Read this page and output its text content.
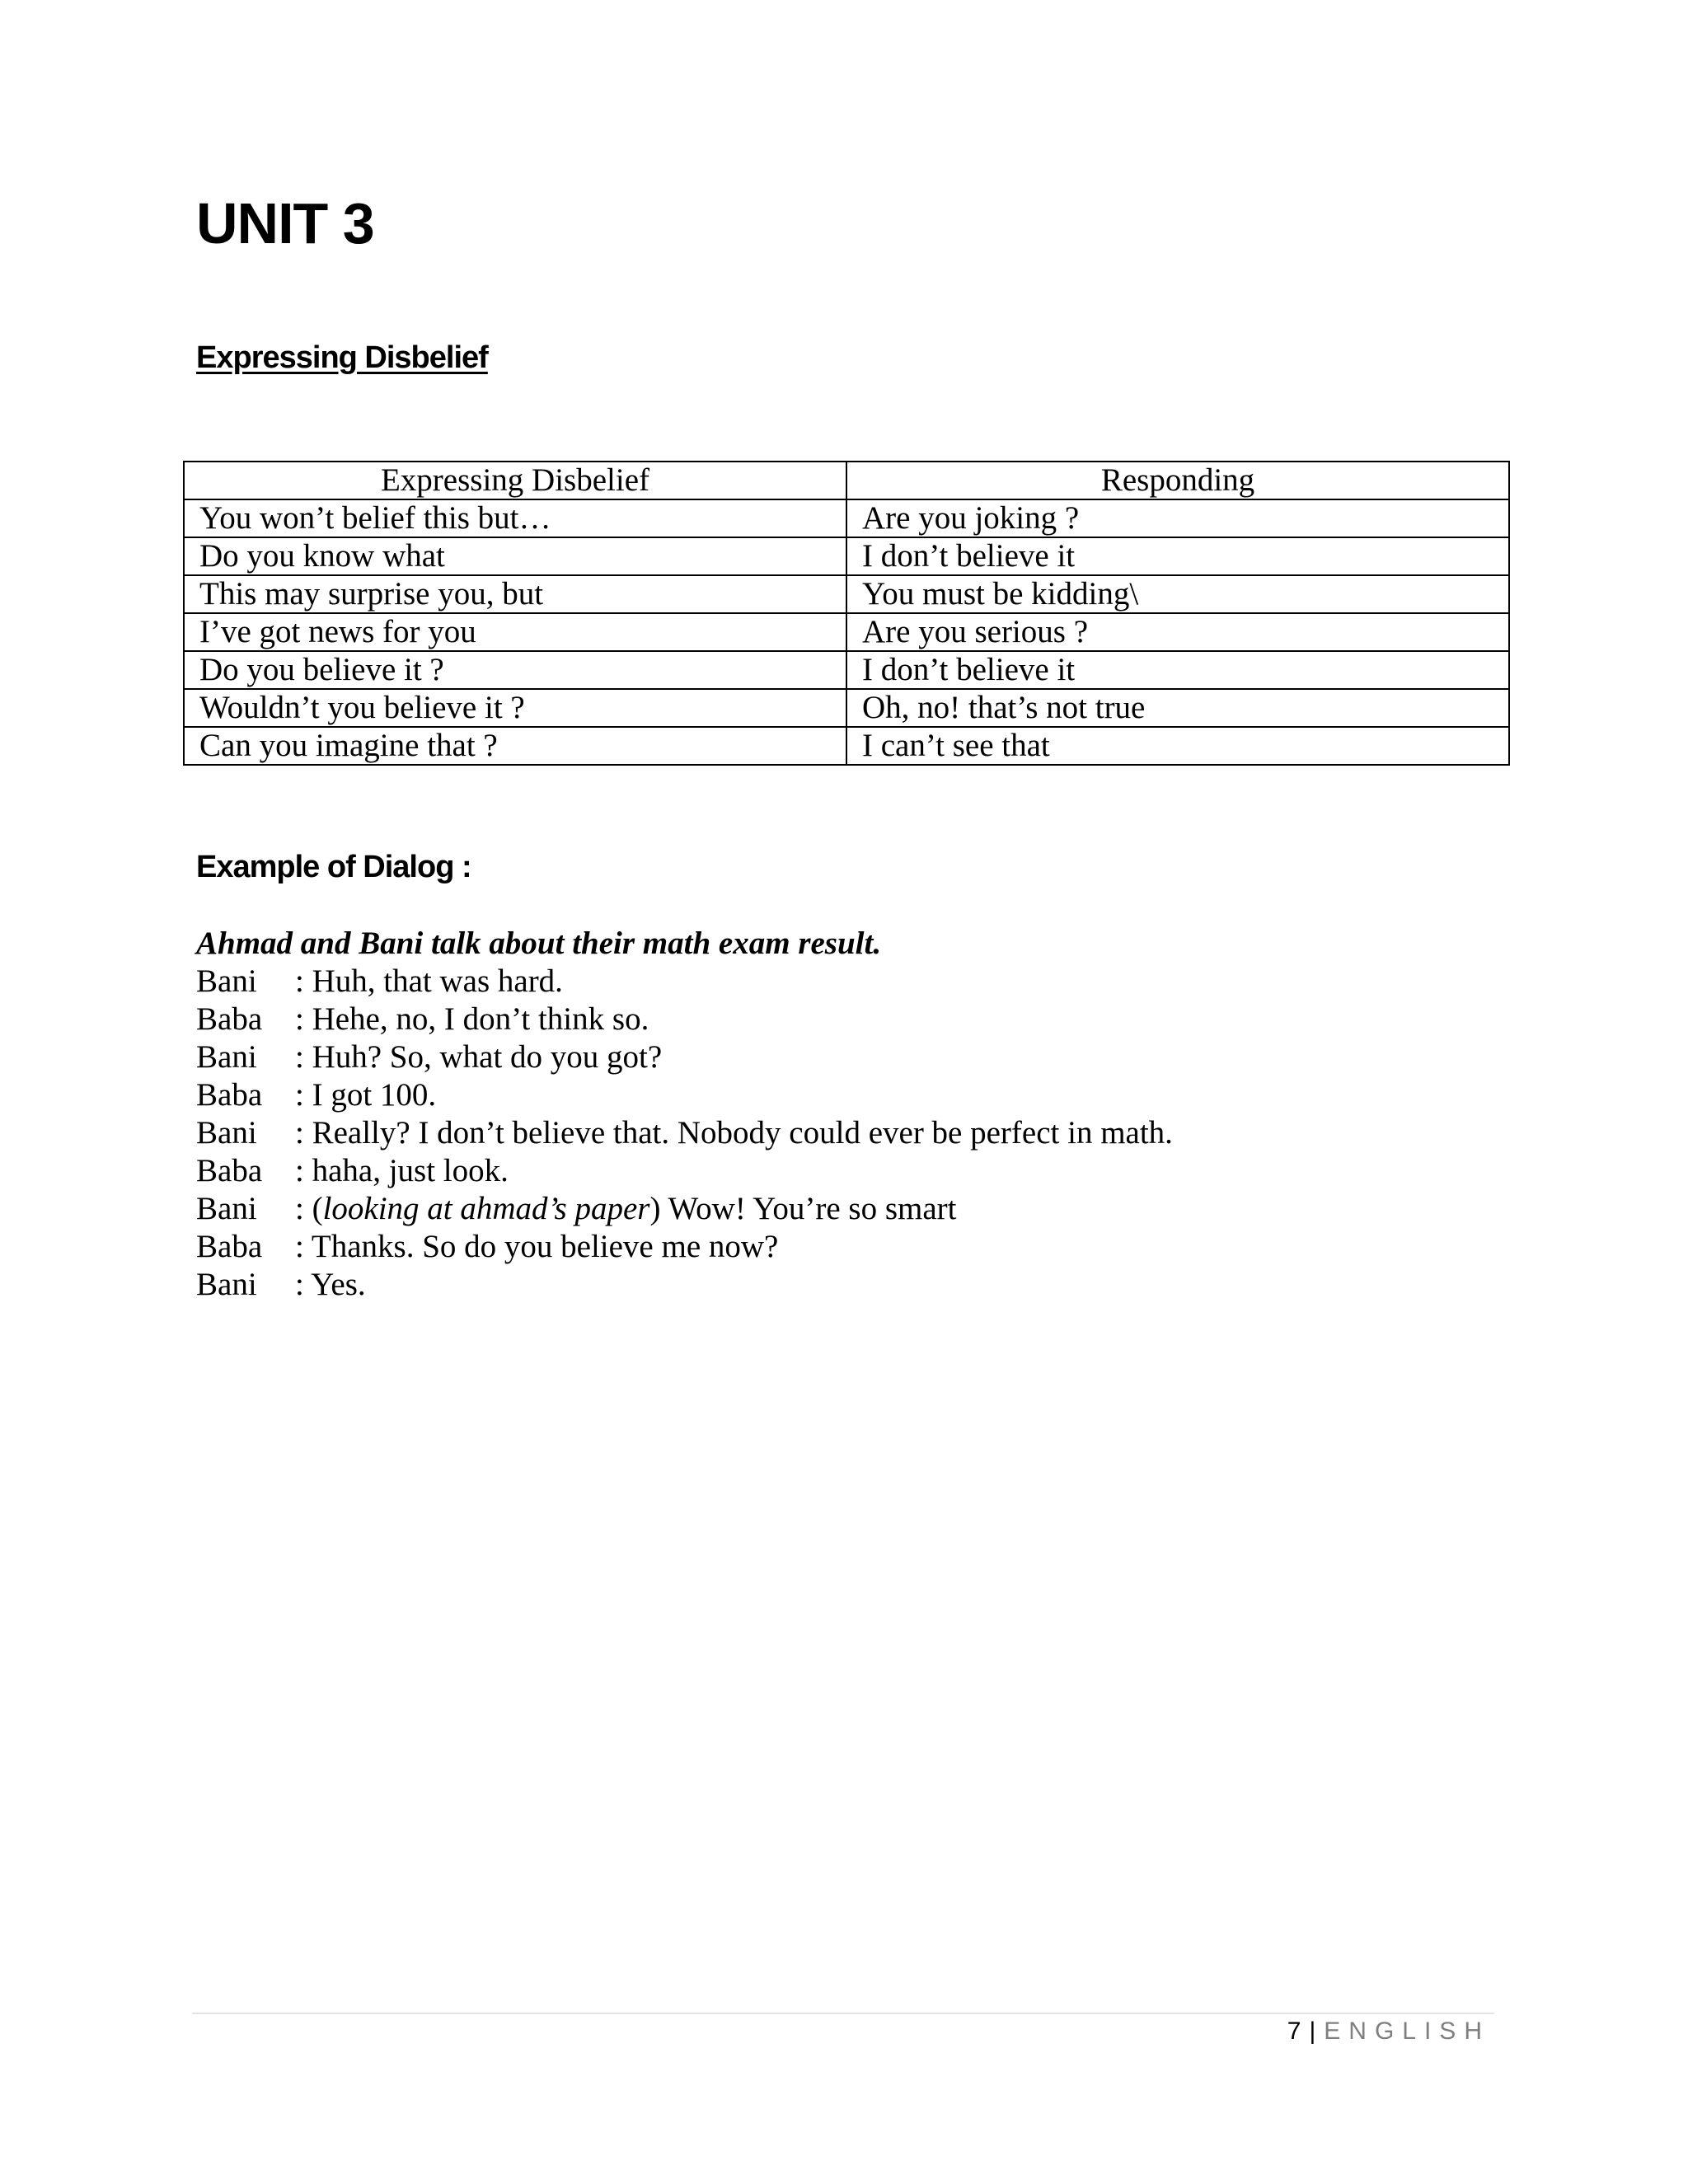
UNIT 3
Expressing Disbelief
Expressing Disbelief	Responding
You won’t belief this but…	Are you joking ?
Do you know what	I don’t believe it
This may surprise you, but	You must be kidding\
I’ve got news for you	Are you serious ?
Do you believe it ?	I don’t believe it
Wouldn’t you believe it ?	Oh, no! that’s not true
Can you imagine that ?	I can’t see that
Example of Dialog :

Ahmad and Bani talk about their math exam result.

Bani	: Huh, that was hard.
Baba	: Hehe, no, I don’t think so.
Bani	: Huh? So, what do you got?
Baba	: I got 100.
Bani	: Really? I don’t believe that. Nobody could ever be perfect in math.
Baba	: haha, just look.
Bani	: (looking at ahmad’s paper) Wow! You’re so smart
Baba	: Thanks. So do you believe me now?
Bani	: Yes.
7 | ENGLISH
